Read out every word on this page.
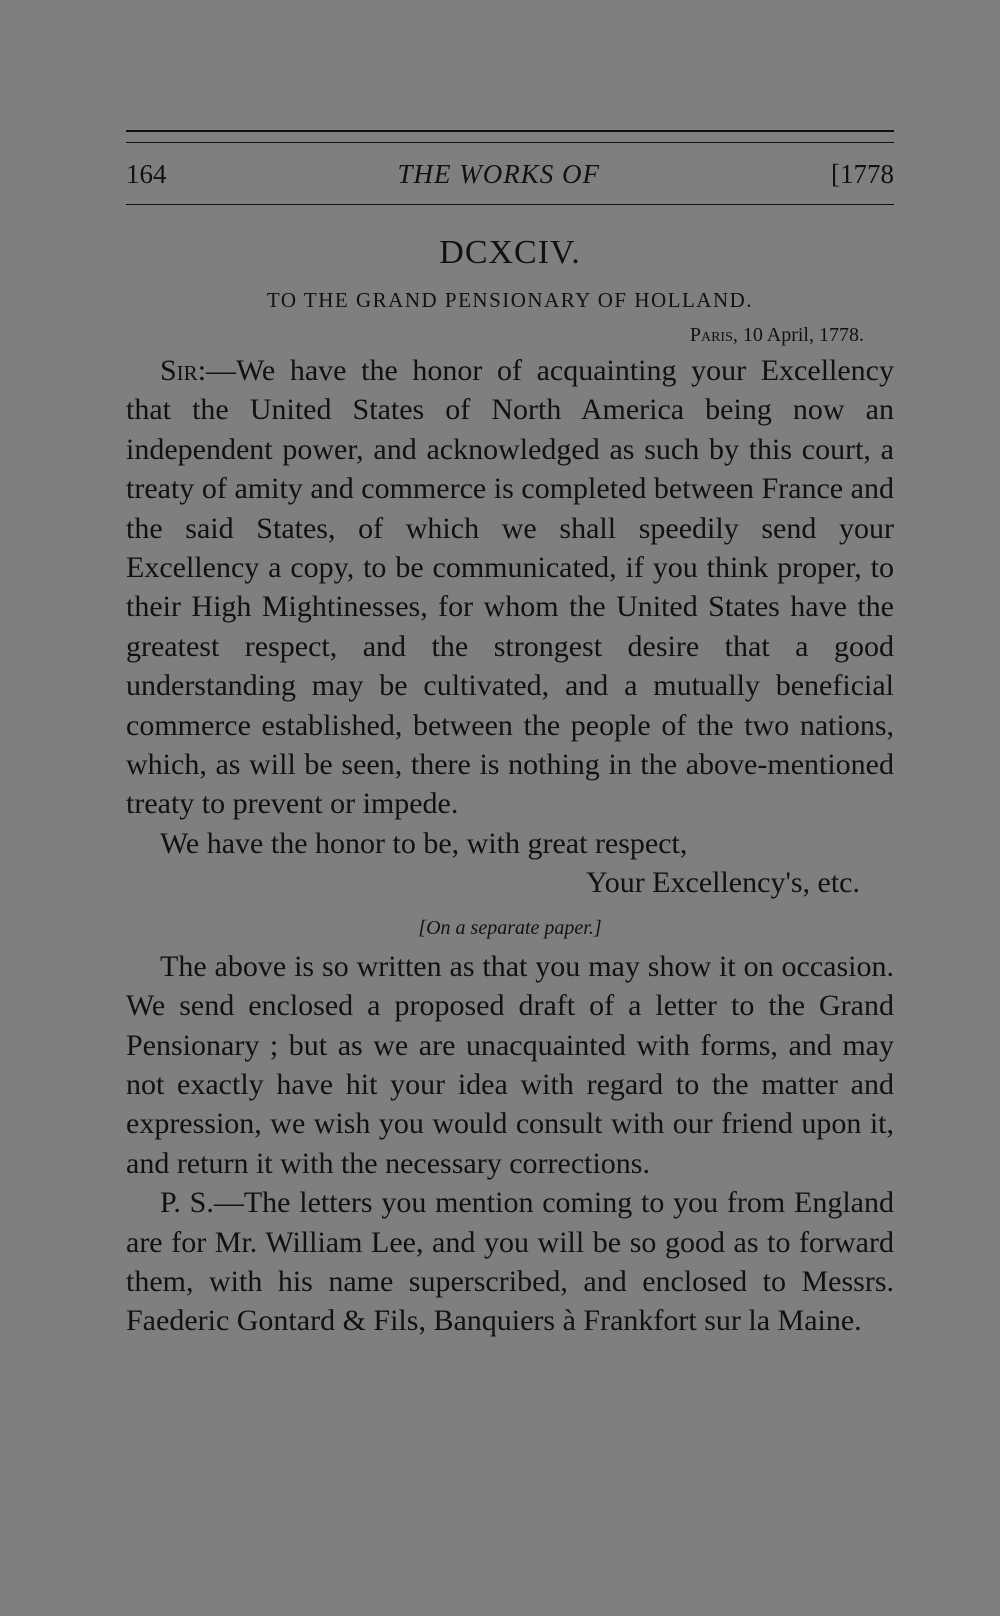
164	THE WORKS OF	[1778
DCXCIV.
TO THE GRAND PENSIONARY OF HOLLAND.
Paris, 10 April, 1778.

Sir:—We have the honor of acquainting your Excellency that the United States of North America being now an independent power, and acknowledged as such by this court, a treaty of amity and commerce is completed between France and the said States, of which we shall speedily send your Excellency a copy, to be communicated, if you think proper, to their High Mightinesses, for whom the United States have the greatest respect, and the strongest desire that a good understanding may be cultivated, and a mutually beneficial commerce established, between the people of the two nations, which, as will be seen, there is nothing in the above-mentioned treaty to prevent or impede.

We have the honor to be, with great respect,

Your Excellency's, etc.

[On a separate paper.]

The above is so written as that you may show it on occasion. We send enclosed a proposed draft of a letter to the Grand Pensionary ; but as we are unacquainted with forms, and may not exactly have hit your idea with regard to the matter and expression, we wish you would consult with our friend upon it, and return it with the necessary corrections.

P. S.—The letters you mention coming to you from England are for Mr. William Lee, and you will be so good as to forward them, with his name superscribed, and enclosed to Messrs. Faederic Gontard & Fils, Banquiers à Frankfort sur la Maine.
